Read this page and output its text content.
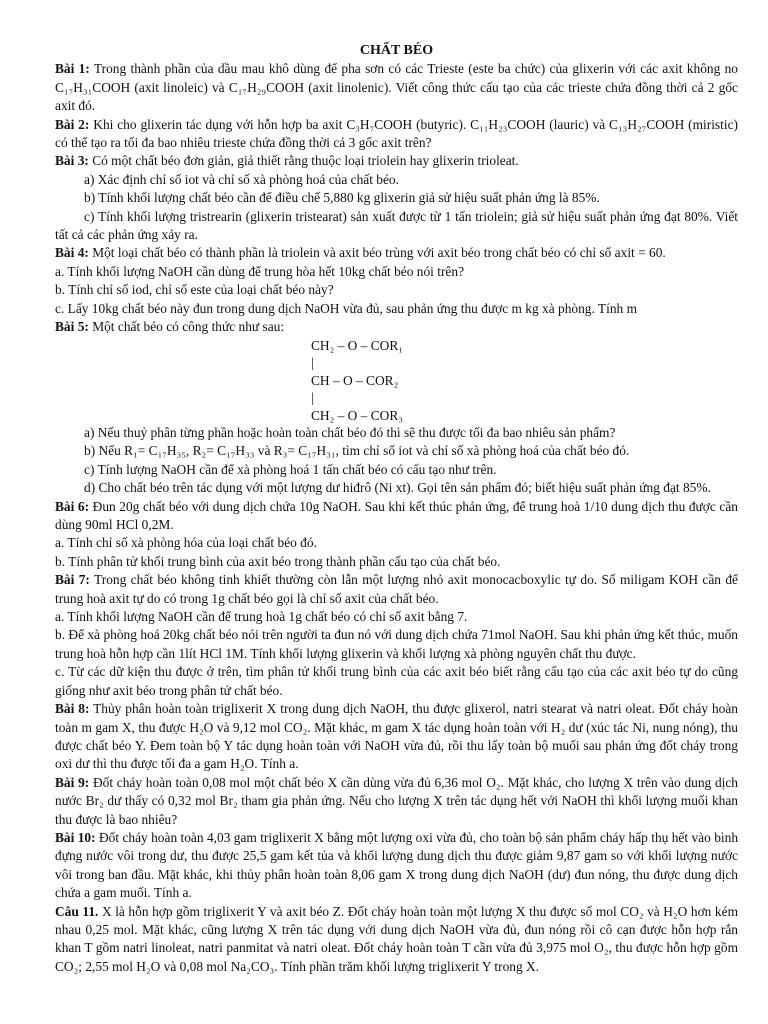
CHẤT BÉO

Bài 1: Trong thành phần của dầu mau khô dùng để pha sơn có các Trieste (este ba chức) của glixerin với các axit không no C₁₇H₃₁COOH (axit linoleic) và C₁₇H₂₉COOH (axit linolenic). Viết công thức cấu tạo của các trieste chứa đồng thời cả 2 gốc axit đó.

Bài 2: Khi cho glixerin tác dụng với hỗn hợp ba axit C₃H₇COOH (butyric). C₁₁H₂₃COOH (lauric) và C₁₃H₂₇COOH (miristic) có thể tạo ra tối đa bao nhiêu trieste chứa đồng thời cả 3 gốc axit trên?

Bài 3: Có một chất béo đơn giản, giả thiết rằng thuộc loại triolein hay glixerin trioleat.

a) Xác định chỉ số iot và chỉ số xà phòng hoá của chất béo.

b) Tính khối lượng chất béo cần để điều chế 5,880 kg glixerin giả sử hiệu suất phản ứng là 85%.

c) Tính khối lượng tristrearin (glixerin tristearat) sản xuất được từ 1 tấn triolein; giả sử hiệu suất phản ứng đạt 80%. Viết tất cả các phản ứng xảy ra.

Bài 4: Một loại chất béo có thành phần là triolein và axit béo trùng với axit béo trong chất béo có chỉ số axit = 60.

a. Tính khối lượng NaOH cần dùng để trung hòa hết 10kg chất béo nói trên?

b. Tính chỉ số iod, chỉ số este của loại chất béo này?

c. Lấy 10kg chất béo này đun trong dung dịch NaOH vừa đủ, sau phản ứng thu được m kg xà phòng. Tính m

Bài 5: Một chất béo có công thức như sau:

CH₂ – O – COR₁
|
CH – O – COR₂
|
CH₂ – O – COR₃

a) Nếu thuỷ phân từng phần hoặc hoàn toàn chất béo đó thì sẽ thu được tối đa bao nhiêu sản phẩm?

b) Nếu R₁= C₁₇H₃₅, R₂= C₁₇H₃₃ và R₃= C₁₇H₃₁, tìm chỉ số iot và chỉ số xà phòng hoá của chất béo đó.

c) Tính lượng NaOH cần để xà phòng hoá 1 tấn chất béo có cấu tạo như trên.

d) Cho chất béo trên tác dụng với một lượng dư hiđrô (Ni xt). Gọi tên sản phẩm đó; biết hiệu suất phản ứng đạt 85%.

Bài 6: Đun 20g chất béo với dung dịch chứa 10g NaOH. Sau khi kết thúc phản ứng, để trung hoà 1/10 dung dịch thu được cần dùng 90ml HCl 0,2M.

a. Tính chỉ số xà phòng hóa của loại chất béo đó.

b. Tính phân tử khối trung bình của axit béo trong thành phần cấu tạo của chất béo.

Bài 7: Trong chất béo không tinh khiết thường còn lẫn một lượng nhỏ axit monocacboxylic tự do. Số miligam KOH cần để trung hoà axit tự do có trong 1g chất béo gọi là chỉ số axit của chất béo.

a. Tính khối lượng NaOH cần để trung hoà 1g chất béo có chỉ số axit bằng 7.

b. Để xà phòng hoá 20kg chất béo nói trên người ta đun nó với dung dịch chứa 71mol NaOH. Sau khi phản ứng kết thúc, muốn trung hoà hỗn hợp cần 1lít HCl 1M. Tính khối lượng glixerin và khối lượng xà phòng nguyên chất thu được.

c. Từ các dữ kiện thu được ở trên, tìm phân tử khối trung bình của các axit béo biết rằng cấu tạo của các axit béo tự do cũng giống như axit béo trong phân tử chất béo.

Bài 8: Thủy phân hoàn toàn triglixerit X trong dung dịch NaOH, thu được glixerol, natri stearat và natri oleat. Đốt cháy hoàn toàn m gam X, thu được H₂O và 9,12 mol CO₂. Mặt khác, m gam X tác dụng hoàn toàn với H₂ dư (xúc tác Ni, nung nóng), thu được chất béo Y. Đem toàn bộ Y tác dụng hoàn toàn với NaOH vừa đủ, rồi thu lấy toàn bộ muối sau phản ứng đốt cháy trong oxi dư thì thu được tối đa a gam H₂O. Tính a.

Bài 9: Đốt cháy hoàn toàn 0,08 mol một chất béo X cần dùng vừa đủ 6,36 mol O₂. Mặt khác, cho lượng X trên vào dung dịch nước Br₂ dư thấy có 0,32 mol Br₂ tham gia phản ứng. Nếu cho lượng X trên tác dụng hết với NaOH thì khối lượng muối khan thu được là bao nhiêu?

Bài 10: Đốt cháy hoàn toàn 4,03 gam triglixerit X bằng một lượng oxi vừa đủ, cho toàn bộ sản phẩm cháy hấp thụ hết vào bình đựng nước vôi trong dư, thu được 25,5 gam kết tủa và khối lượng dung dịch thu được giảm 9,87 gam so với khối lượng nước vôi trong ban đầu. Mặt khác, khi thủy phân hoàn toàn 8,06 gam X trong dung dịch NaOH (dư) đun nóng, thu được dung dịch chứa a gam muối. Tính a.

Câu 11. X là hỗn hợp gồm triglixerit Y và axit béo Z. Đốt cháy hoàn toàn một lượng X thu được số mol CO₂ và H₂O hơn kém nhau 0,25 mol. Mặt khác, cũng lượng X trên tác dụng với dung dịch NaOH vừa đủ, đun nóng rồi cô cạn được hỗn hợp rắn khan T gồm natri linoleat, natri panmitat và natri oleat. Đốt cháy hoàn toàn T cần vừa đủ 3,975 mol O₂, thu được hỗn hợp gồm CO₂; 2,55 mol H₂O và 0,08 mol Na₂CO₃. Tính phần trăm khối lượng triglixerit Y trong X.
